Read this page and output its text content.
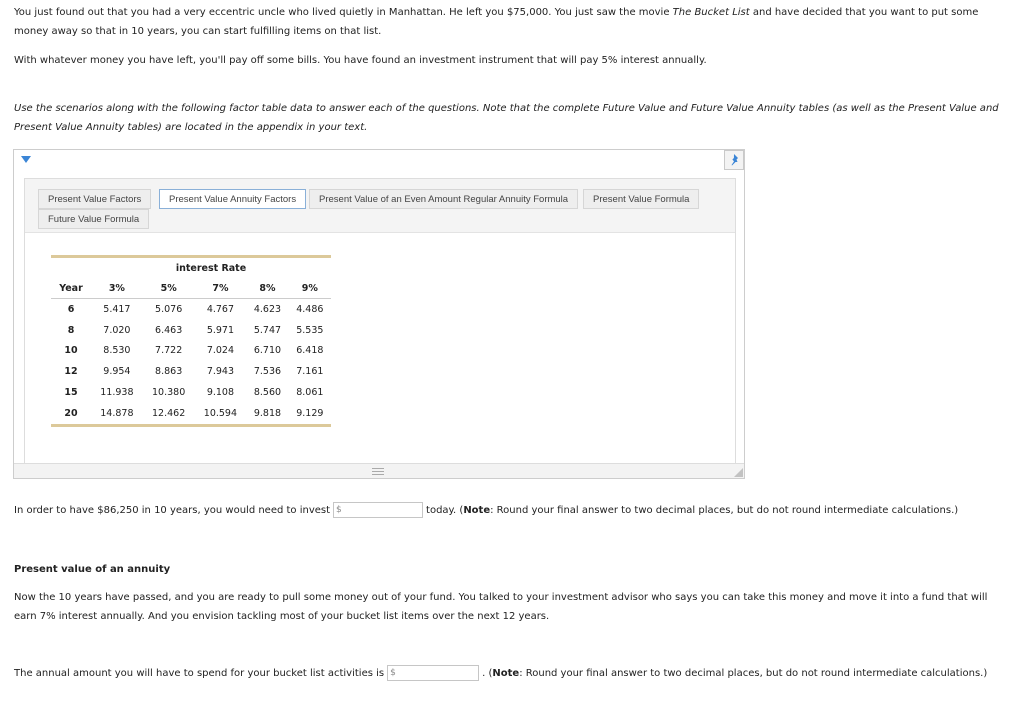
You just found out that you had a very eccentric uncle who lived quietly in Manhattan. He left you $75,000. You just saw the movie The Bucket List and have decided that you want to put some money away so that in 10 years, you can start fulfilling items on that list.

With whatever money you have left, you'll pay off some bills. You have found an investment instrument that will pay 5% interest annually.

Use the scenarios along with the following factor table data to answer each of the questions. Note that the complete Future Value and Future Value Annuity tables (as well as the Present Value and Present Value Annuity tables) are located in the appendix in your text.

Present Value Factors	Present Value Annuity Factors	Present Value of an Even Amount Regular Annuity Formula	Present Value Formula
Future Value Formula
	interest Rate				
Year	3%	5%	7%	8%	9%
6	5.417	5.076	4.767	4.623	4.486
8	7.020	6.463	5.971	5.747	5.535
10	8.530	7.722	7.024	6.710	6.418
12	9.954	8.863	7.943	7.536	7.161
15	11.938	10.380	9.108	8.560	8.061
20	14.878	12.462	10.594	9.818	9.129

In order to have $86,250 in 10 years, you would need to invest $	today. (Note: Round your final answer to two decimal places, but do not round intermediate calculations.)

Present value of an annuity

Now the 10 years have passed, and you are ready to pull some money out of your fund. You talked to your investment advisor who says you can take this money and move it into a fund that will earn 7% interest annually. And you envision tackling most of your bucket list items over the next 12 years.

The annual amount you will have to spend for your bucket list activities is $	. (Note: Round your final answer to two decimal places, but do not round intermediate calculations.)
